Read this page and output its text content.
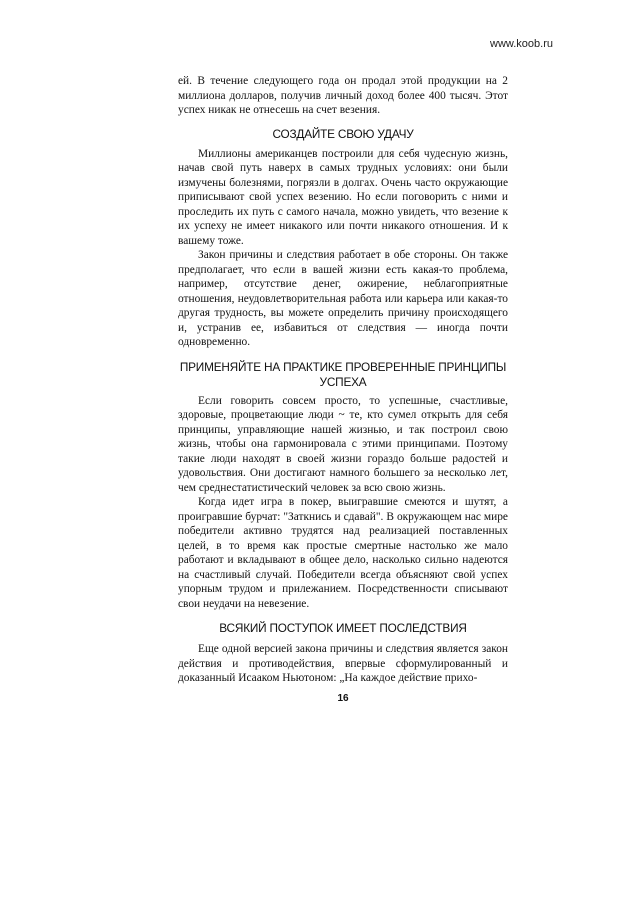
www.koob.ru

ей. В течение следующего года он продал этой продукции на 2 миллиона долларов, получив личный доход более 400 тысяч. Этот успех никак не отнесешь на счет везения.

СОЗДАЙТЕ СВОЮ УДАЧУ

Миллионы американцев построили для себя чудесную жизнь, начав свой путь наверх в самых трудных условиях: они были измучены болезнями, погрязли в долгах. Очень часто окружающие приписывают свой успех везению. Но если поговорить с ними и проследить их путь с самого начала, можно увидеть, что везение к их успеху не имеет никакого или почти никакого отношения. И к вашему тоже.

Закон причины и следствия работает в обе стороны. Он также предполагает, что если в вашей жизни есть какая-то проблема, например, отсутствие денег, ожирение, неблагоприятные отношения, неудовлетворительная работа или карьера или какая-то другая трудность, вы можете определить причину происходящего и, устранив ее, избавиться от следствия — иногда почти одновременно.

ПРИМЕНЯЙТЕ НА ПРАКТИКЕ ПРОВЕРЕННЫЕ ПРИНЦИПЫ
УСПЕХА

Если говорить совсем просто, то успешные, счастливые, здоровые, процветающие люди ~ те, кто сумел открыть для себя принципы, управляющие нашей жизнью, и так построил свою жизнь, чтобы она гармонировала с этими принципами. Поэтому такие люди находят в своей жизни гораздо больше радостей и удовольствия. Они достигают намного большего за несколько лет, чем среднестатистический человек за всю свою жизнь.

Когда идет игра в покер, выигравшие смеются и шутят, а проигравшие бурчат: "Заткнись и сдавай". В окружающем нас мире победители активно трудятся над реализацией поставленных целей, в то время как простые смертные настолько же мало работают и вкладывают в общее дело, насколько сильно надеются на счастливый случай. Победители всегда объясняют свой успех упорным трудом и прилежанием. Посредственности списывают свои неудачи на невезение.

ВСЯКИЙ ПОСТУПОК ИМЕЕТ ПОСЛЕДСТВИЯ

Еще одной версией закона причины и следствия является закон действия и противодействия, впервые сформулированный и доказанный Исааком Ньютоном: „На каждое действие прихо-

16
